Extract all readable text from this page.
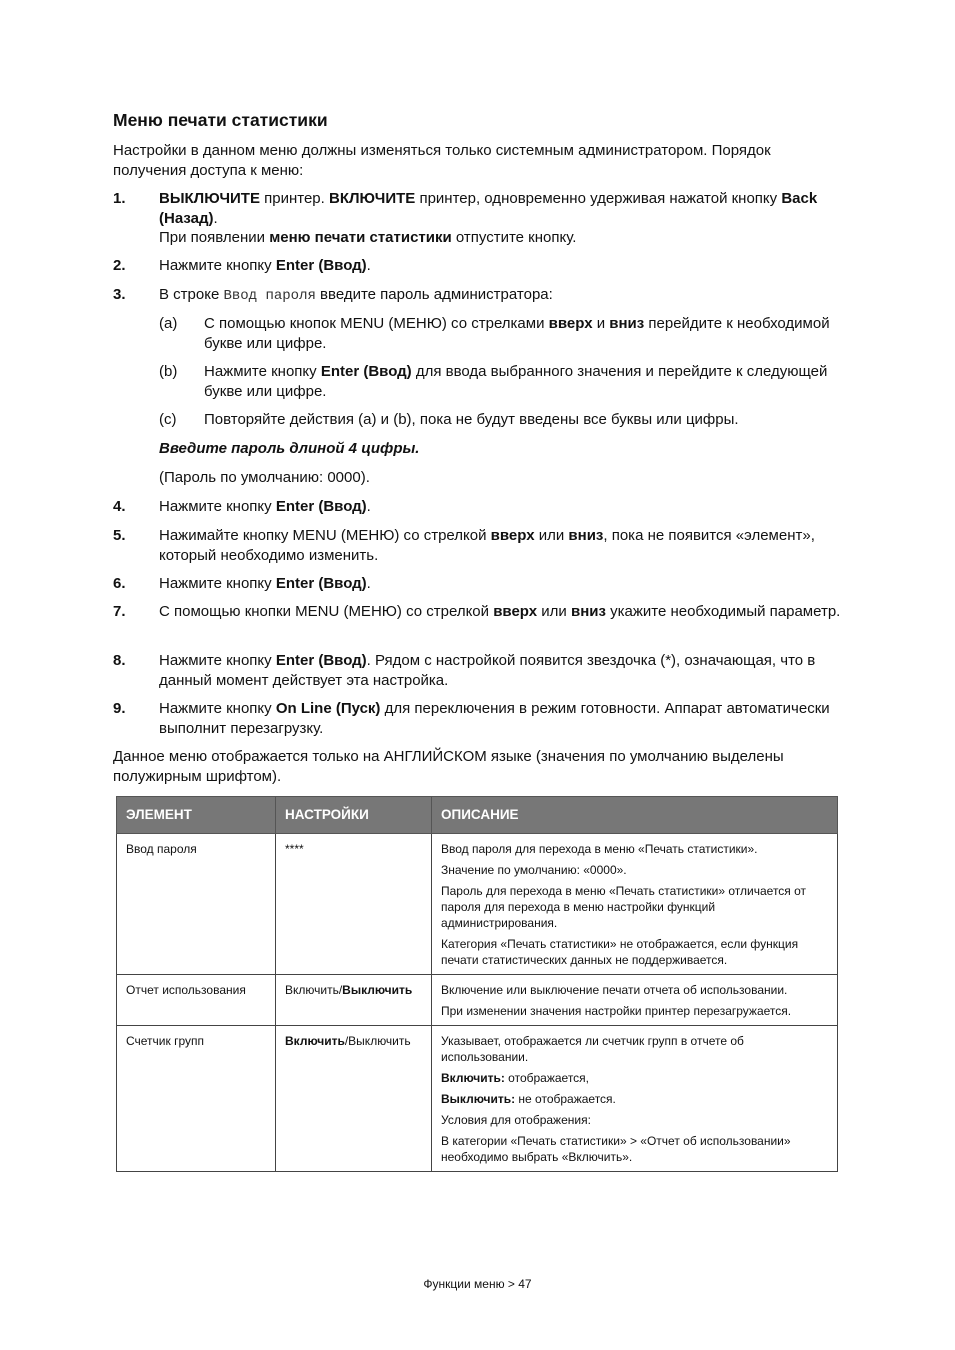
Меню печати статистики

Настройки в данном меню должны изменяться только системным администратором. Порядок получения доступа к меню:

1. ВЫКЛЮЧИТЕ принтер. ВКЛЮЧИТЕ принтер, одновременно удерживая нажатой кнопку Back (Назад).
При появлении меню печати статистики отпустите кнопку.
2. Нажмите кнопку Enter (Ввод).
3. В строке Ввод пароля введите пароль администратора:
(a) С помощью кнопок MENU (МЕНЮ) со стрелками вверх и вниз перейдите к необходимой букве или цифре.
(b) Нажмите кнопку Enter (Ввод) для ввода выбранного значения и перейдите к следующей букве или цифре.
(c) Повторяйте действия (a) и (b), пока не будут введены все буквы или цифры.
Введите пароль длиной 4 цифры.
(Пароль по умолчанию: 0000).
4. Нажмите кнопку Enter (Ввод).
5. Нажимайте кнопку MENU (МЕНЮ) со стрелкой вверх или вниз, пока не появится «элемент», который необходимо изменить.
6. Нажмите кнопку Enter (Ввод).
7. С помощью кнопки MENU (МЕНЮ) со стрелкой вверх или вниз укажите необходимый параметр.
8. Нажмите кнопку Enter (Ввод). Рядом с настройкой появится звездочка (*), означающая, что в данный момент действует эта настройка.
9. Нажмите кнопку On Line (Пуск) для переключения в режим готовности. Аппарат автоматически выполнит перезагрузку.

Данное меню отображается только на АНГЛИЙСКОМ языке (значения по умолчанию выделены полужирным шрифтом).

ЭЛЕМЕНТ	НАСТРОЙКИ	ОПИСАНИЕ
Ввод пароля	****	Ввод пароля для перехода в меню «Печать статистики».

Значение по умолчанию: «0000».

Пароль для перехода в меню «Печать статистики» отличается от пароля для перехода в меню настройки функций администрирования.

Категория «Печать статистики» не отображается, если функция печати статистических данных не поддерживается.

Отчет использования	Включить/Выключить	Включение или выключение печати отчета об использовании.

При изменении значения настройки принтер перезагружается.

Счетчик групп	Включить/Выключить	Указывает, отображается ли счетчик групп в отчете об использовании.

Включить: отображается,

Выключить: не отображается.

Условия для отображения:

В категории «Печать статистики» > «Отчет об использовании» необходимо выбрать «Включить».

Функции меню > 47
